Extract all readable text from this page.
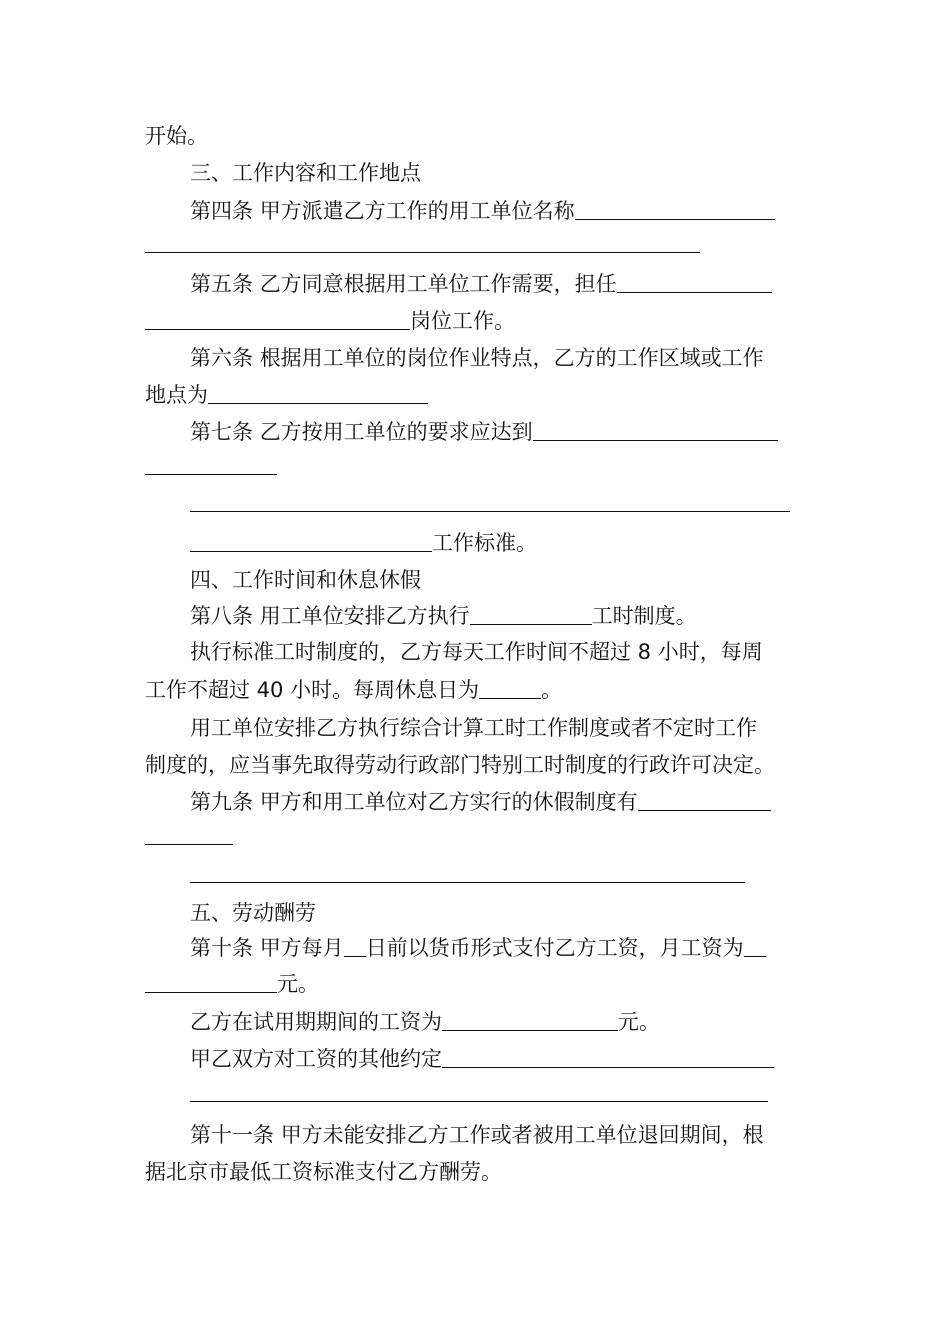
开始。
三、工作内容和工作地点
第四条 甲方派遣乙方工作的用工单位名称
第五条 乙方同意根据用工单位工作需要，担任
岗位工作。
第六条 根据用工单位的岗位作业特点，乙方的工作区域或工作
地点为
第七条 乙方按用工单位的要求应达到
工作标准。
四、工作时间和休息休假
第八条 用工单位安排乙方执行	工时制度。
执行标准工时制度的，乙方每天工作时间不超过 8 小时，每周
工作不超过 40 小时。每周休息日为	。
用工单位安排乙方执行综合计算工时工作制度或者不定时工作
制度的，应当事先取得劳动行政部门特别工时制度的行政许可决定。
第九条 甲方和用工单位对乙方实行的休假制度有
五、劳动酬劳
第十条 甲方每月 日前以货币形式支付乙方工资，月工资为
元。
乙方在试用期期间的工资为	元。
甲乙双方对工资的其他约定
第十一条 甲方未能安排乙方工作或者被用工单位退回期间，根
据北京市最低工资标准支付乙方酬劳。
